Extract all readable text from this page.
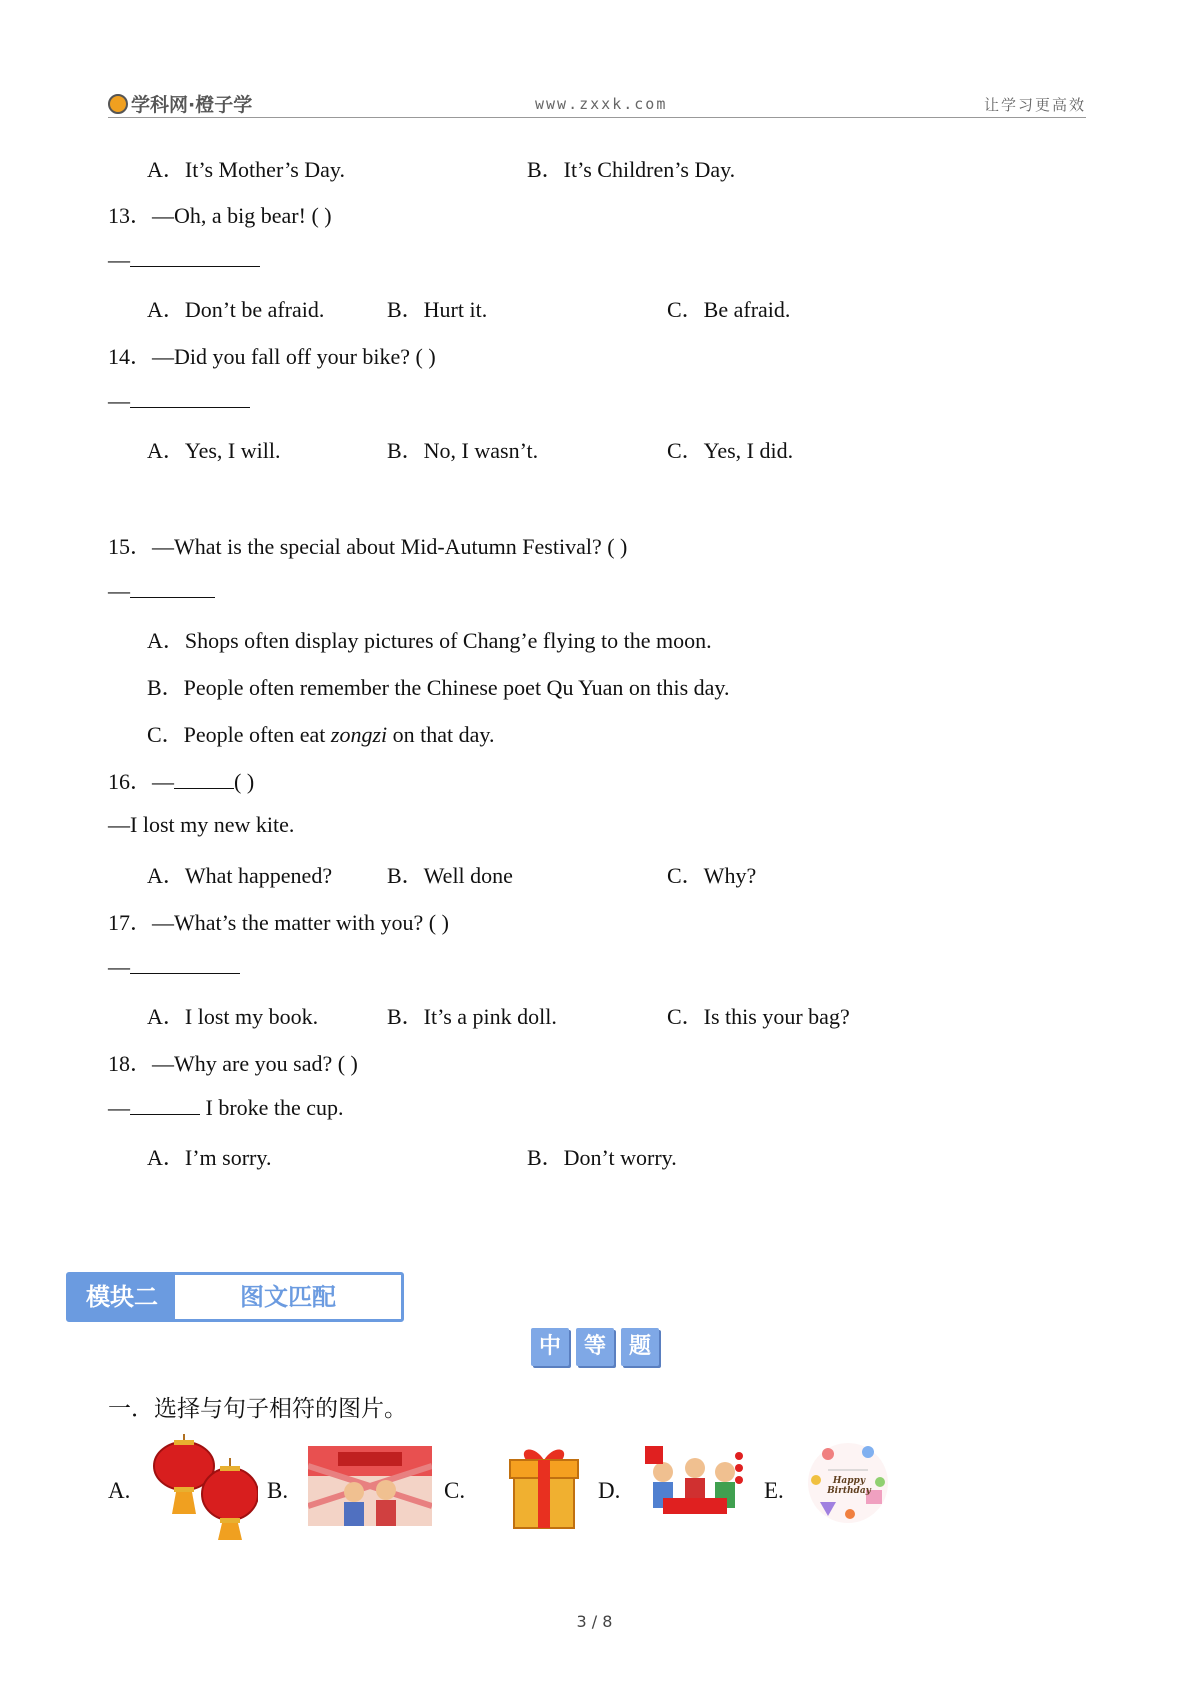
学科网·橙子学	www.zxxk.com	让学习更高效
A．It’s Mother’s Day.	B．It’s Children’s Day.
13．—Oh, a big bear! ( )
—
A．Don’t be afraid.	B．Hurt it.	C．Be afraid.
14．—Did you fall off your bike? ( )
—
A．Yes, I will.	B．No, I wasn’t.	C．Yes, I did.
15．—What is the special about Mid-Autumn Festival? ( )
—
A．Shops often display pictures of Chang’e flying to the moon.
B．People often remember the Chinese poet Qu Yuan on this day.
C．People often eat zongzi on that day.
16．—	( )
—I lost my new kite.
A．What happened? B．Well done	C．Why?
17．—What’s the matter with you? ( )
—
A．I lost my book.	B．It’s a pink doll.	C．Is this your bag?
18．—Why are you sad? ( )
—	I broke the cup.
A．I’m sorry.	B．Don’t worry.
模块二	图文匹配
中 等 题
一．选择与句子相符的图片。
A.	B.	C.	D.	E.	Happy Birthday
3 / 8
